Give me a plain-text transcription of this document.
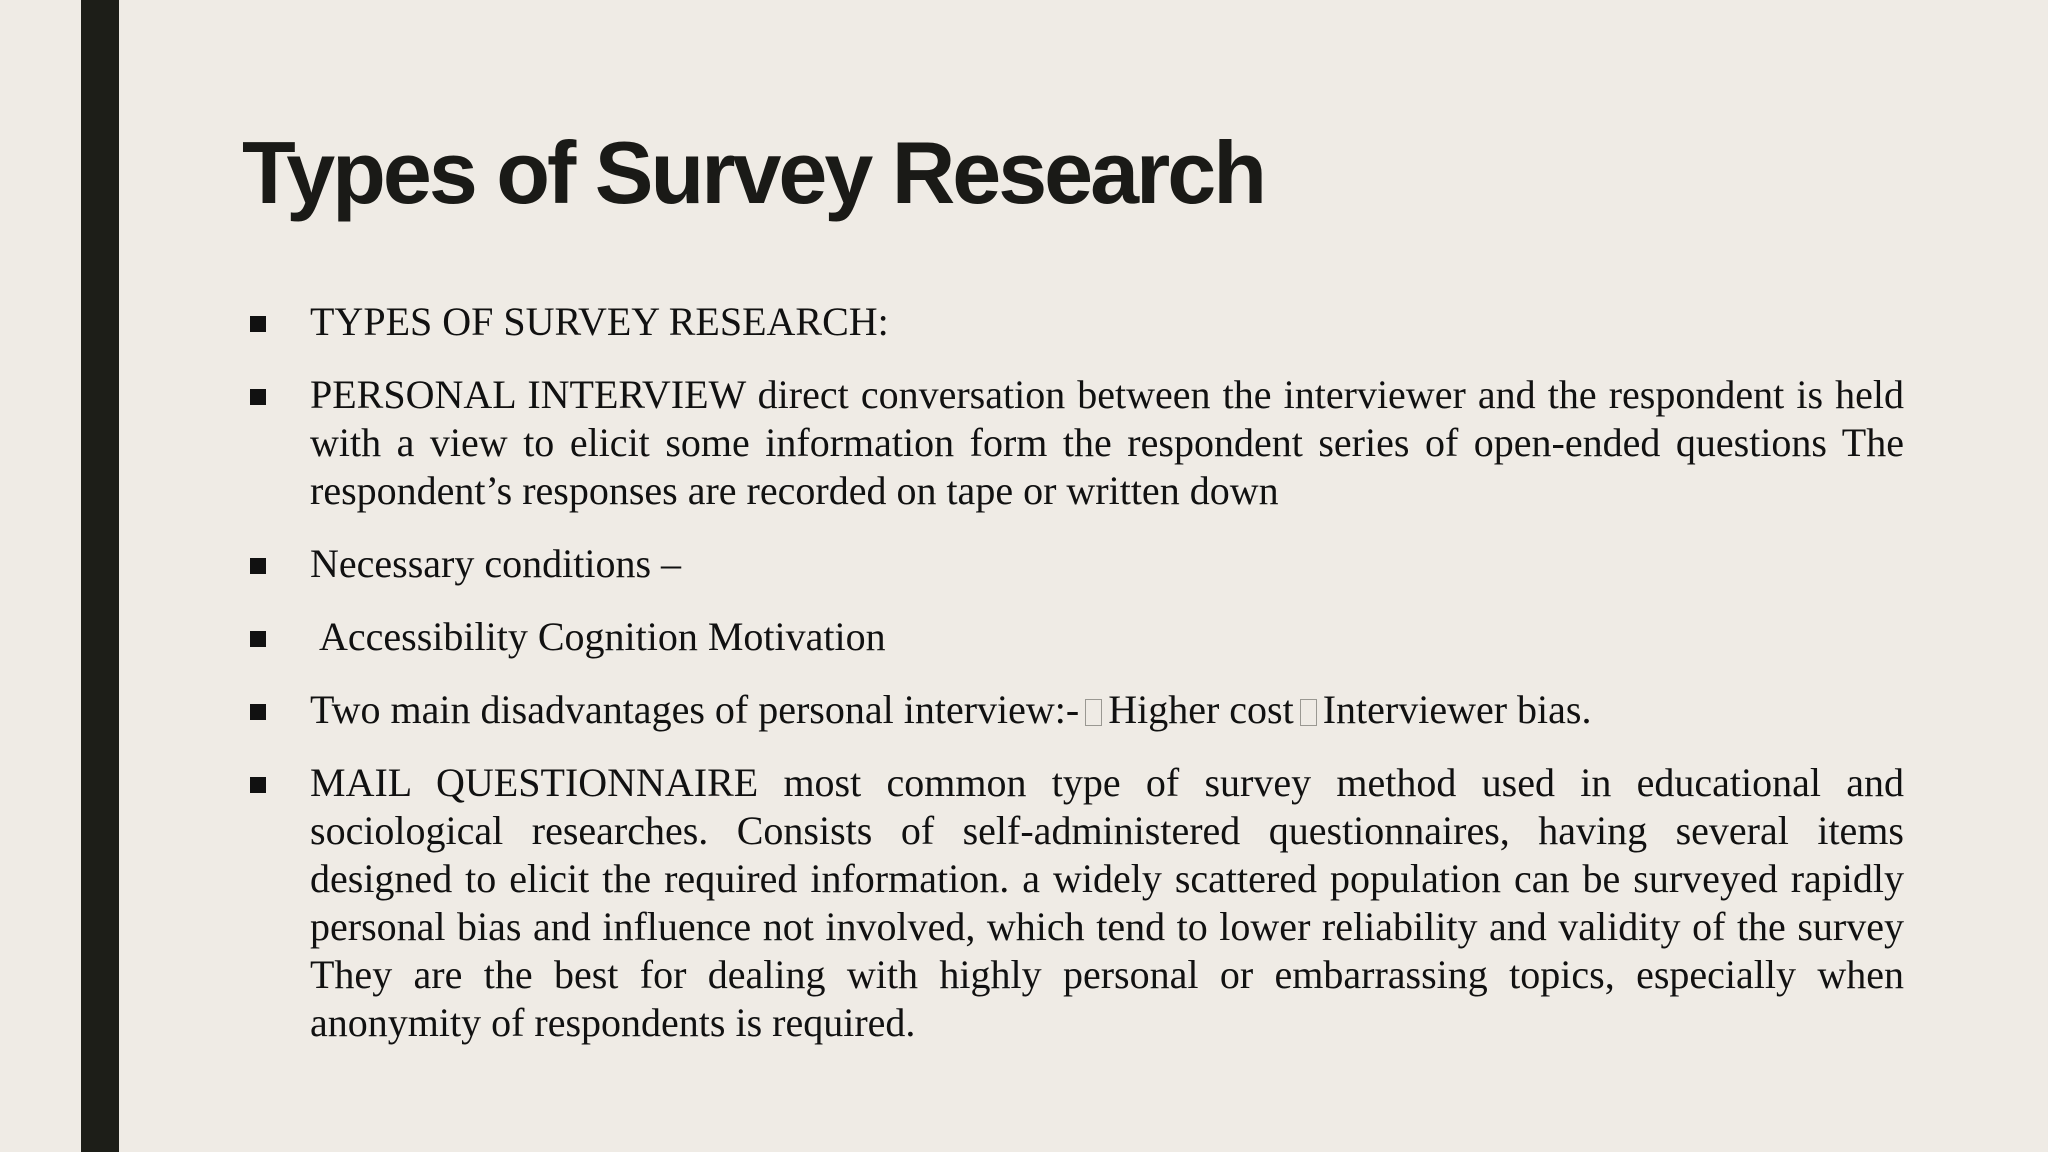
Types of Survey Research
TYPES OF SURVEY RESEARCH:
PERSONAL INTERVIEW direct conversation between the interviewer and the respondent is held with a view to elicit some information form the respondent series of open-ended questions The respondent’s responses are recorded on tape or written down
Necessary conditions –
Accessibility Cognition Motivation
Two main disadvantages of personal interview:- Higher cost Interviewer bias.
MAIL QUESTIONNAIRE most common type of survey method used in educational and sociological researches. Consists of self-administered questionnaires, having several items designed to elicit the required information. a widely scattered population can be surveyed rapidly personal bias and influence not involved, which tend to lower reliability and validity of the survey They are the best for dealing with highly personal or embarrassing topics, especially when anonymity of respondents is required.
